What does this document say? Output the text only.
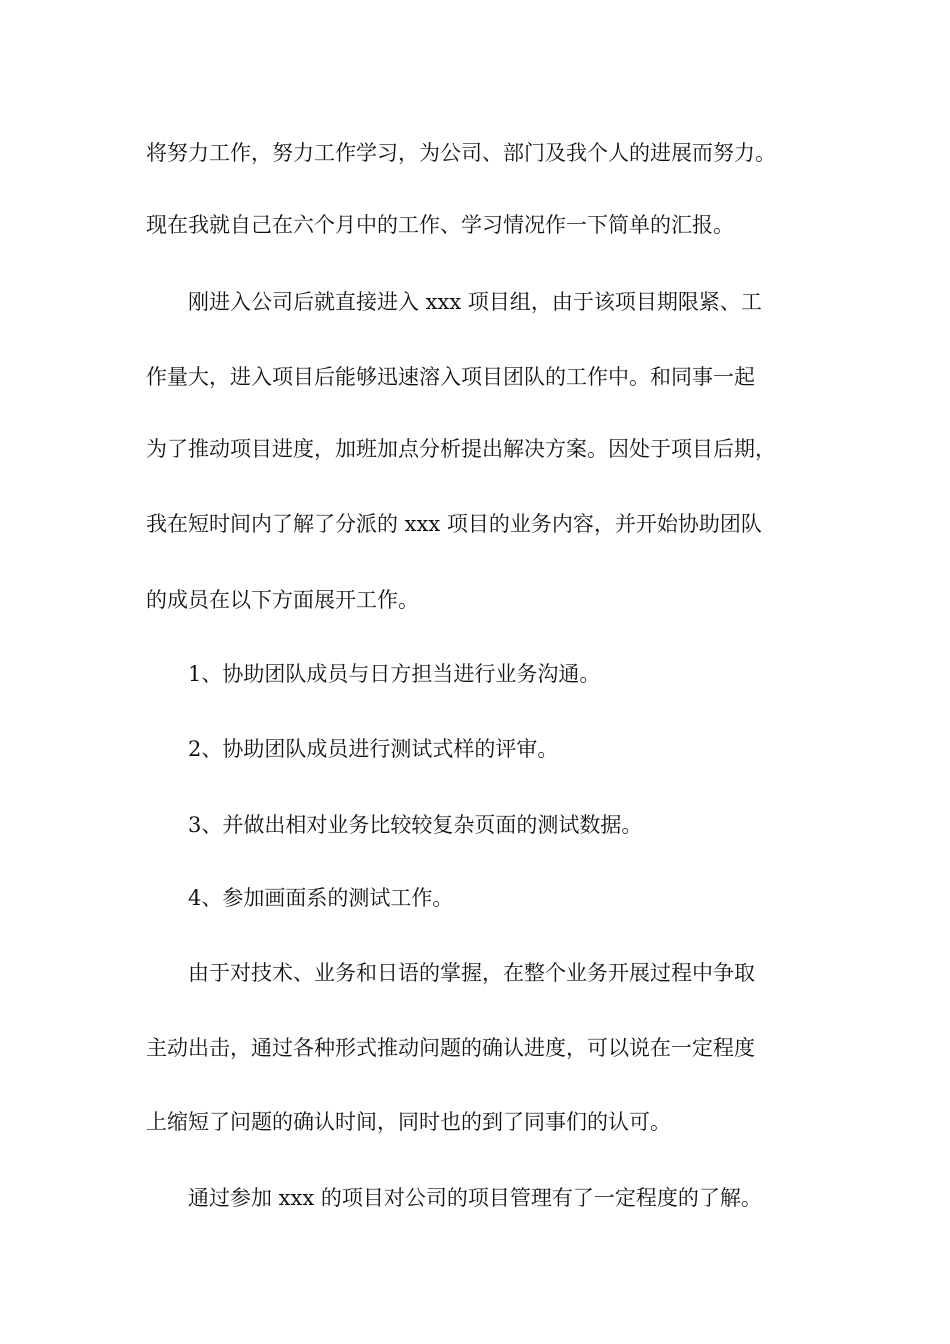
将努力工作，努力工作学习，为公司、部门及我个人的进展而努力。

现在我就自己在六个月中的工作、学习情况作一下简单的汇报。

刚进入公司后就直接进入 xxx 项目组，由于该项目期限紧、工

作量大，进入项目后能够迅速溶入项目团队的工作中。和同事一起

为了推动项目进度，加班加点分析提出解决方案。因处于项目后期，

我在短时间内了解了分派的 xxx 项目的业务内容，并开始协助团队

的成员在以下方面展开工作。

1、协助团队成员与日方担当进行业务沟通。

2、协助团队成员进行测试式样的评审。

3、并做出相对业务比较较复杂页面的测试数据。

4、参加画面系的测试工作。

由于对技术、业务和日语的掌握，在整个业务开展过程中争取

主动出击，通过各种形式推动问题的确认进度，可以说在一定程度

上缩短了问题的确认时间，同时也的到了同事们的认可。

通过参加 xxx 的项目对公司的项目管理有了一定程度的了解。
